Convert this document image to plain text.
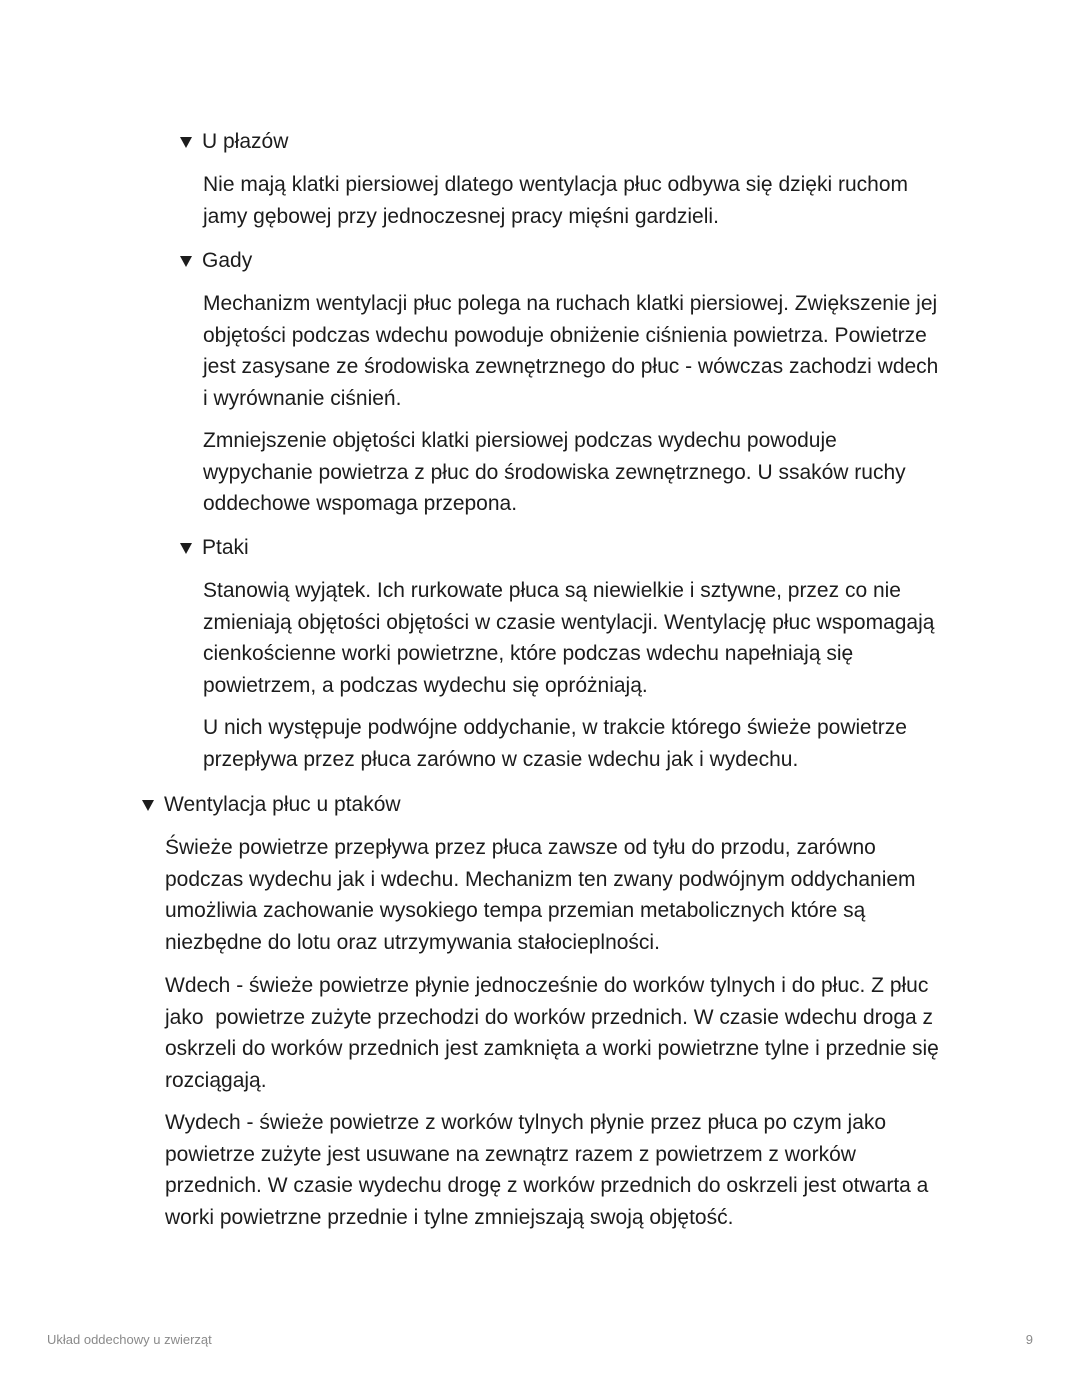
U płazów

Nie mają klatki piersiowej dlatego wentylacja płuc odbywa się dzięki ruchom
jamy gębowej przy jednoczesnej pracy mięśni gardzieli.

Gady

Mechanizm wentylacji płuc polega na ruchach klatki piersiowej. Zwiększenie jej
objętości podczas wdechu powoduje obniżenie ciśnienia powietrza. Powietrze
jest zasysane ze środowiska zewnętrznego do płuc - wówczas zachodzi wdech
i wyrównanie ciśnień.

Zmniejszenie objętości klatki piersiowej podczas wydechu powoduje
wypychanie powietrza z płuc do środowiska zewnętrznego. U ssaków ruchy
oddechowe wspomaga przepona.

Ptaki

Stanowią wyjątek. Ich rurkowate płuca są niewielkie i sztywne, przez co nie
zmieniają objętości objętości w czasie wentylacji. Wentylację płuc wspomagają
cienkościenne worki powietrzne, które podczas wdechu napełniają się
powietrzem, a podczas wydechu się opróżniają.

U nich występuje podwójne oddychanie, w trakcie którego świeże powietrze
przepływa przez płuca zarówno w czasie wdechu jak i wydechu.

Wentylacja płuc u ptaków

Świeże powietrze przepływa przez płuca zawsze od tyłu do przodu, zarówno
podczas wydechu jak i wdechu. Mechanizm ten zwany podwójnym oddychaniem
umożliwia zachowanie wysokiego tempa przemian metabolicznych które są
niezbędne do lotu oraz utrzymywania stałocieplności.

Wdech - świeże powietrze płynie jednocześnie do worków tylnych i do płuc. Z płuc
jako  powietrze zużyte przechodzi do worków przednich. W czasie wdechu droga z
oskrzeli do worków przednich jest zamknięta a worki powietrzne tylne i przednie się
rozciągają.

Wydech - świeże powietrze z worków tylnych płynie przez płuca po czym jako
powietrze zużyte jest usuwane na zewnątrz razem z powietrzem z worków
przednich. W czasie wydechu drogę z worków przednich do oskrzeli jest otwarta a
worki powietrzne przednie i tylne zmniejszają swoją objętość.

Układ oddechowy u zwierząt	9
